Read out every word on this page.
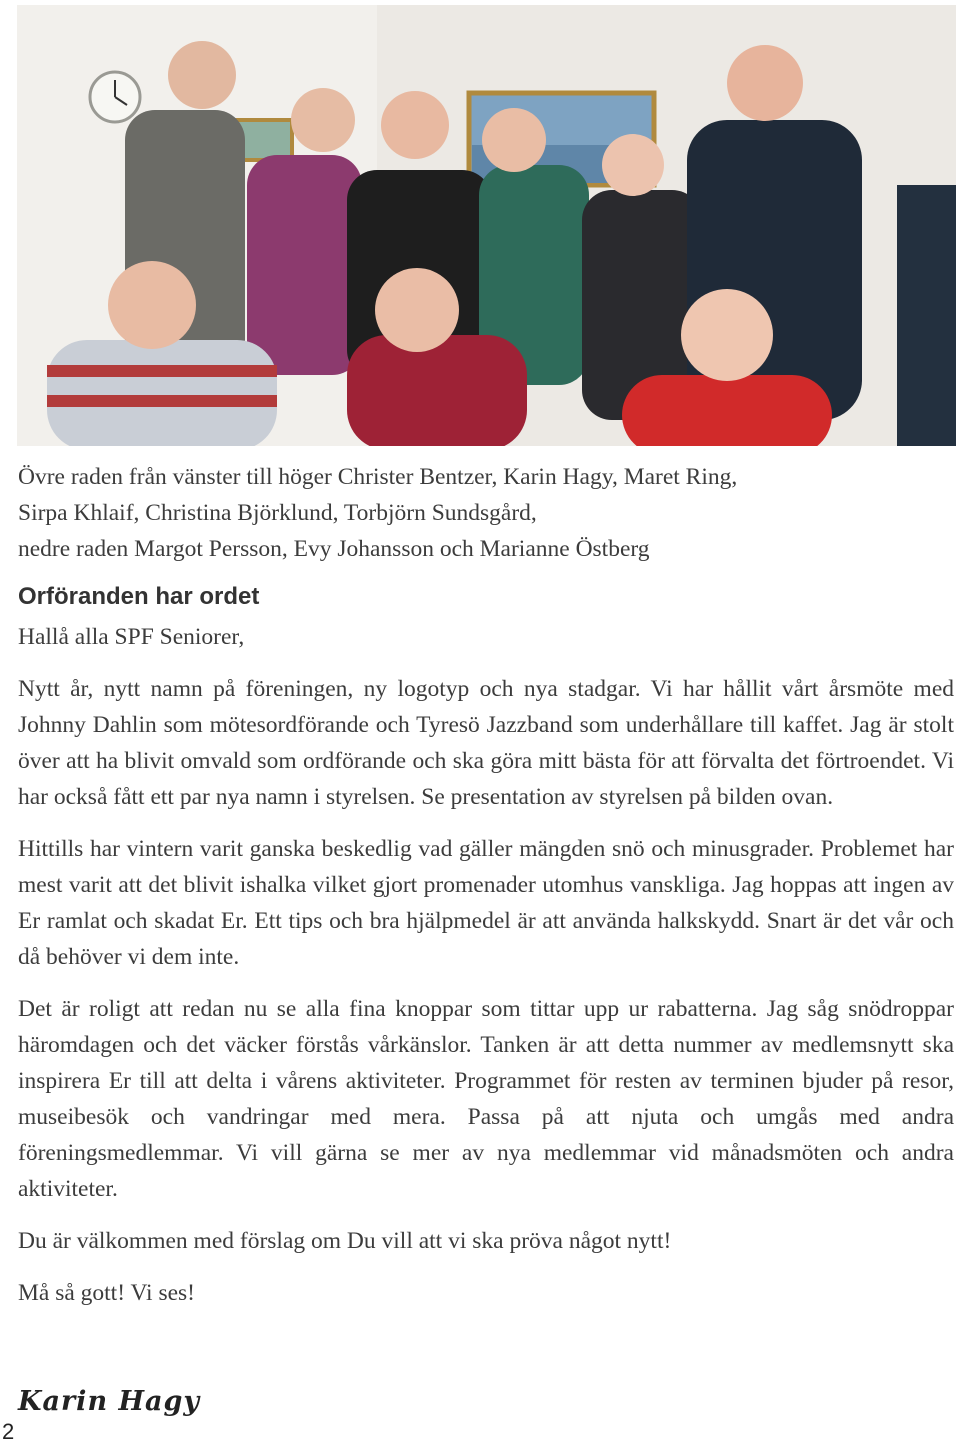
Övre raden från vänster till höger Christer Bentzer, Karin Hagy, Maret Ring,

Sirpa Khlaif, Christina Björklund, Torbjörn Sundsgård,

nedre raden Margot Persson, Evy Johansson och Marianne Östberg

Orföranden har ordet

Hallå alla SPF Seniorer,

Nytt år, nytt namn på föreningen, ny logotyp och nya stadgar. Vi har hållit vårt årsmöte med Johnny Dahlin som mötesordförande och Tyresö Jazzband som underhållare till kaffet. Jag är stolt över att ha blivit omvald som ordförande och ska göra mitt bästa för att förvalta det förtroendet. Vi har också fått ett par nya namn i styrelsen. Se presentation av styrelsen på bilden ovan.

Hittills har vintern varit ganska beskedlig vad gäller mängden snö och minusgrader. Problemet har mest varit att det blivit ishalka vilket gjort promenader utomhus vanskliga. Jag hoppas att ingen av Er ramlat och skadat Er. Ett tips och bra hjälpmedel är att använda halkskydd. Snart är det vår och då behöver vi dem inte.

Det är roligt att redan nu se alla fina knoppar som tittar upp ur rabatterna. Jag såg snödroppar häromdagen och det väcker förstås vårkänslor. Tanken är att detta nummer av medlemsnytt ska inspirera Er till att delta i vårens aktiviteter. Programmet för resten av terminen bjuder på resor, museibesök och vandringar med mera. Passa på att njuta och umgås med andra föreningsmedlemmar. Vi vill gärna se mer av nya medlemmar vid månadsmöten och andra aktiviteter.

Du är välkommen med förslag om Du vill att vi ska pröva något nytt!

Må så gott! Vi ses!

Karin Hagy
2
